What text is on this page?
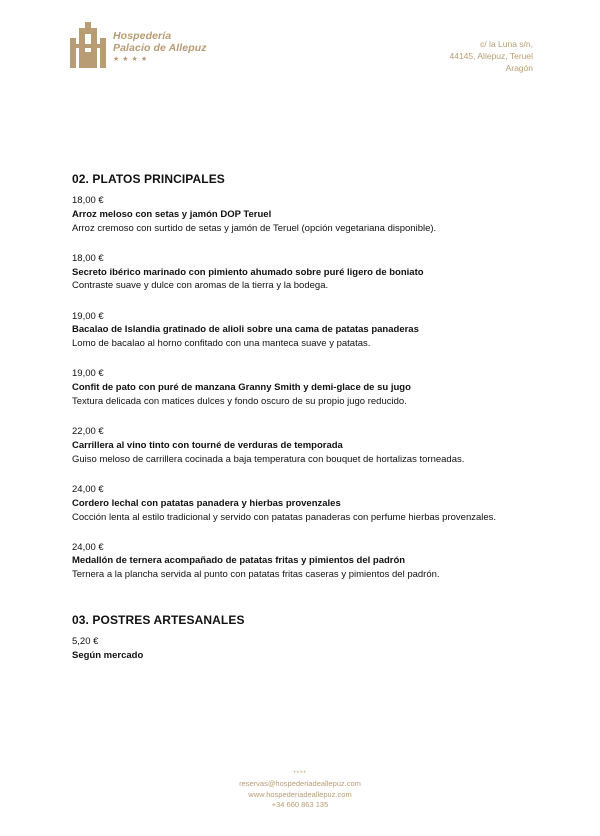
Hospedería
Palacio de Allepuz
★★★★
c/ la Luna s/n,
44145, Allepuz, Teruel
Aragón
02. PLATOS PRINCIPALES
18,00 €
Arroz meloso con setas y jamón DOP Teruel
Arroz cremoso con surtido de setas y jamón de Teruel (opción vegetariana disponible).
18,00 €
Secreto ibérico marinado con pimiento ahumado sobre puré ligero de boniato
Contraste suave y dulce con aromas de la tierra y la bodega.
19,00 €
Bacalao de Islandia gratinado de alioli sobre una cama de patatas panaderas
Lomo de bacalao al horno confitado con una manteca suave y patatas.
19,00 €
Confit de pato con puré de manzana Granny Smith y demi-glace de su jugo
Textura delicada con matices dulces y fondo oscuro de su propio jugo reducido.
22,00 €
Carrillera al vino tinto con tourné de verduras de temporada
Guiso meloso de carrillera cocinada a baja temperatura con bouquet de hortalizas torneadas.
24,00 €
Cordero lechal con patatas panadera y hierbas provenzales
Cocción lenta al estilo tradicional y servido con patatas panaderas con perfume hierbas provenzales.
24,00 €
Medallón de ternera acompañado de patatas fritas y pimientos del padrón
Ternera a la plancha servida al punto con patatas fritas caseras y pimientos del padrón.
03. POSTRES ARTESANALES
5,20 €
Según mercado
****
reservas@hospederiadeallepuz.com
www.hospederiadeallepuz.com
+34 660 863 135
